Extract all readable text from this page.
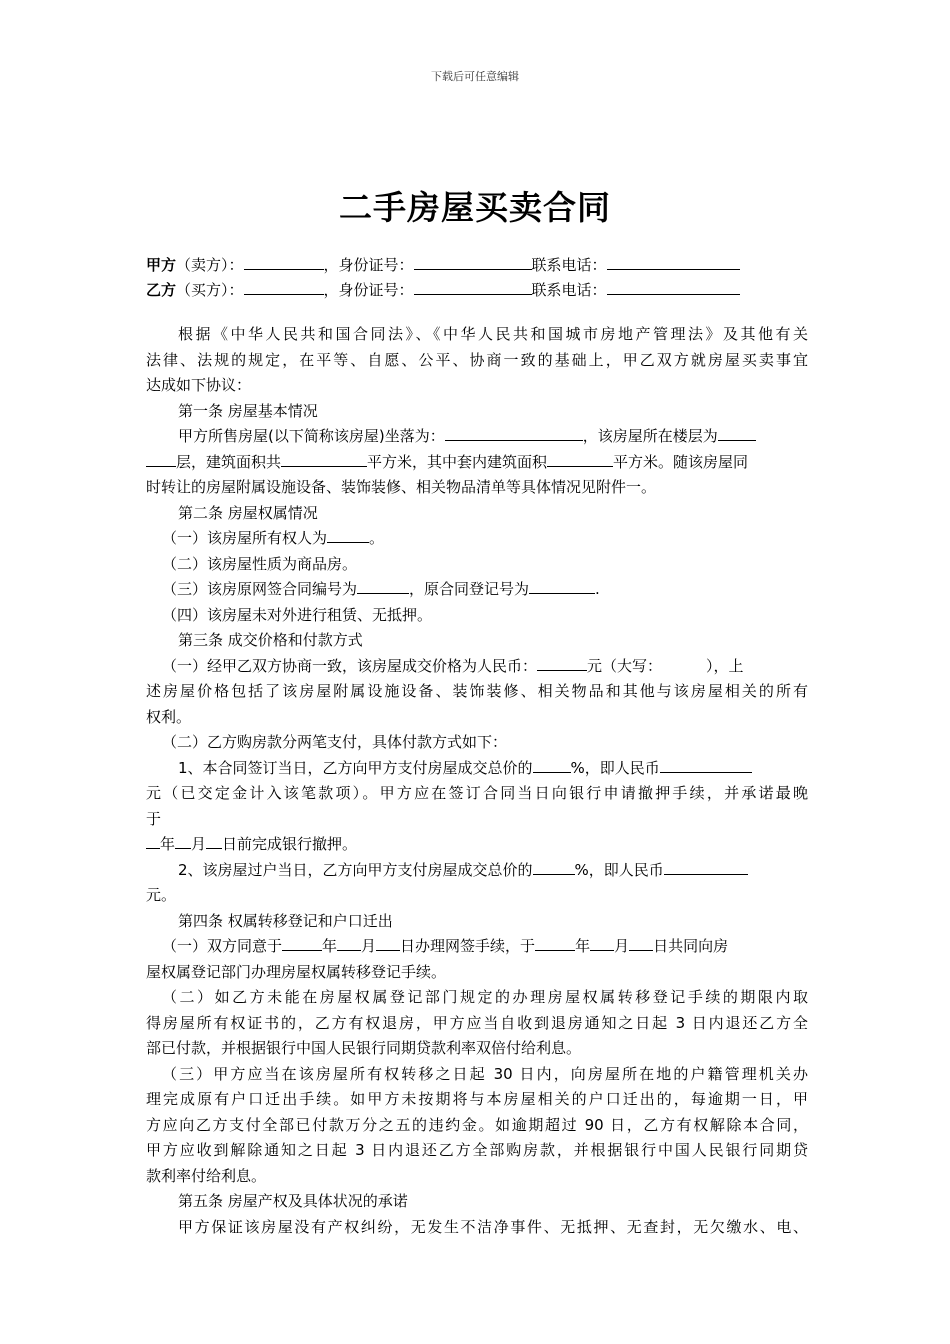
下载后可任意编辑
二手房屋买卖合同
甲方（卖方）：	，身份证号：	联系电话：
乙方（买方）：	，身份证号：	联系电话：
根据《中华人民共和国合同法》、《中华人民共和国城市房地产管理法》及其他有关
法律、法规的规定，在平等、自愿、公平、协商一致的基础上，甲乙双方就房屋买卖事宜
达成如下协议：
第一条 房屋基本情况
甲方所售房屋(以下简称该房屋)坐落为：	，该房屋所在楼层为
层，建筑面积共	平方米，其中套内建筑面积	平方米。随该房屋同
时转让的房屋附属设施设备、装饰装修、相关物品清单等具体情况见附件一。
第二条 房屋权属情况
（一）该房屋所有权人为	。
（二）该房屋性质为商品房。
（三）该房原网签合同编号为	，原合同登记号为	.
（四）该房屋未对外进行租赁、无抵押。
第三条 成交价格和付款方式
（一）经甲乙双方协商一致，该房屋成交价格为人民币：	元（大写：	），上
述房屋价格包括了该房屋附属设施设备、装饰装修、相关物品和其他与该房屋相关的所有
权利。
（二）乙方购房款分两笔支付，具体付款方式如下：
1、本合同签订当日，乙方向甲方支付房屋成交总价的	%，即人民币
元（已交定金计入该笔款项）。甲方应在签订合同当日向银行申请撤押手续，并承诺最晚
于
年 月 日前完成银行撤押。
2、该房屋过户当日，乙方向甲方支付房屋成交总价的	%，即人民币
元。
第四条 权属转移登记和户口迁出
（一）双方同意于	年 月 日办理网签手续，于	年 月 日共同向房
屋权属登记部门办理房屋权属转移登记手续。
（二）如乙方未能在房屋权属登记部门规定的办理房屋权属转移登记手续的期限内取
得房屋所有权证书的，乙方有权退房，甲方应当自收到退房通知之日起 3 日内退还乙方全
部已付款，并根据银行中国人民银行同期贷款利率双倍付给利息。
（三）甲方应当在该房屋所有权转移之日起 30 日内，向房屋所在地的户籍管理机关办
理完成原有户口迁出手续。如甲方未按期将与本房屋相关的户口迁出的，每逾期一日，甲
方应向乙方支付全部已付款万分之五的违约金。如逾期超过 90 日，乙方有权解除本合同，
甲方应收到解除通知之日起 3 日内退还乙方全部购房款，并根据银行中国人民银行同期贷
款利率付给利息。
第五条 房屋产权及具体状况的承诺
甲方保证该房屋没有产权纠纷，无发生不洁净事件、无抵押、无查封，无欠缴水、电、
